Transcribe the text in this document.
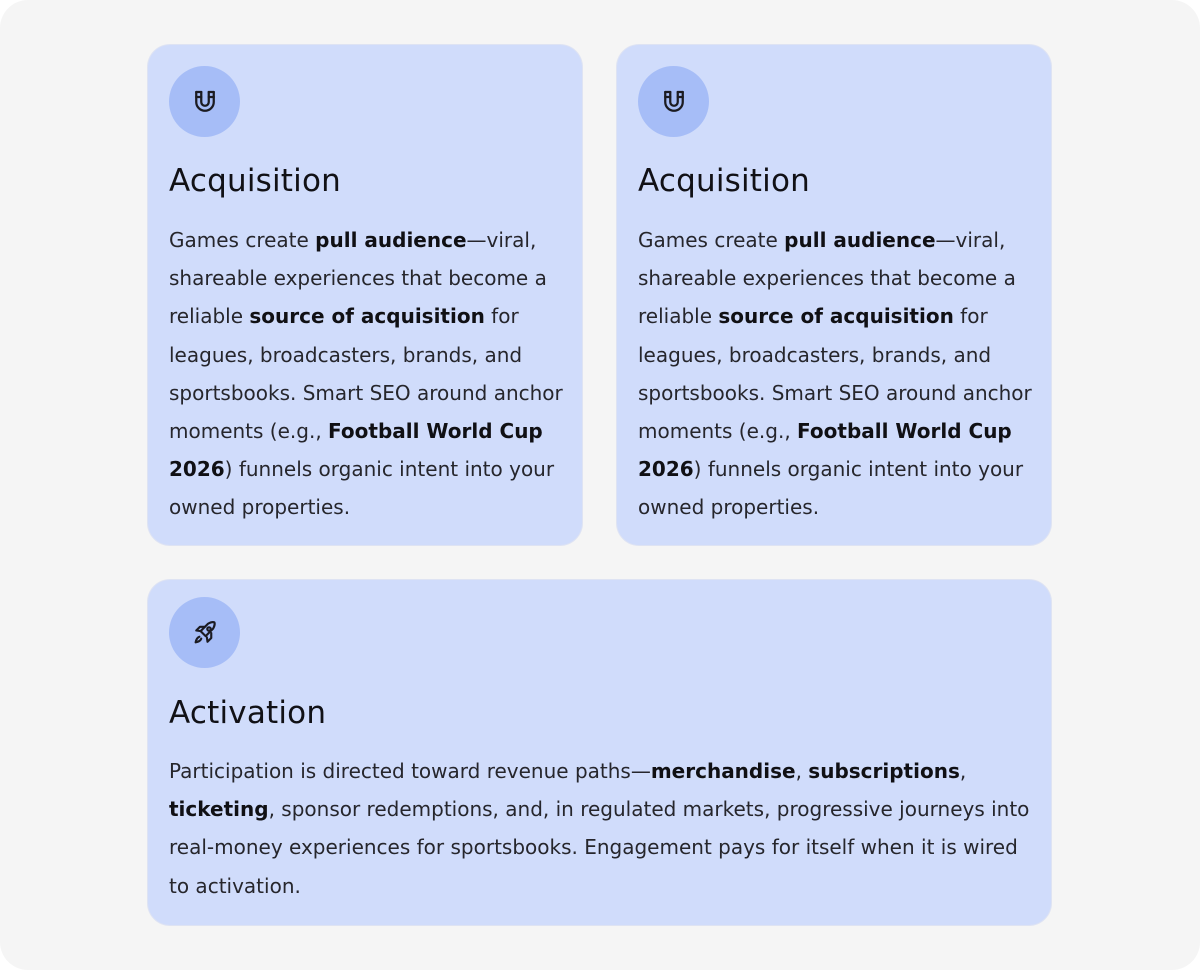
Acquisition

Games create pull audience—viral, shareable experiences that become a reliable source of acquisition for leagues, broadcasters, brands, and sportsbooks. Smart SEO around anchor moments (e.g., Football World Cup 2026) funnels organic intent into your owned properties.

Acquisition

Games create pull audience—viral, shareable experiences that become a reliable source of acquisition for leagues, broadcasters, brands, and sportsbooks. Smart SEO around anchor moments (e.g., Football World Cup 2026) funnels organic intent into your owned properties.

Activation

Participation is directed toward revenue paths—merchandise, subscriptions, ticketing, sponsor redemptions, and, in regulated markets, progressive journeys into real-money experiences for sportsbooks. Engagement pays for itself when it is wired to activation.
